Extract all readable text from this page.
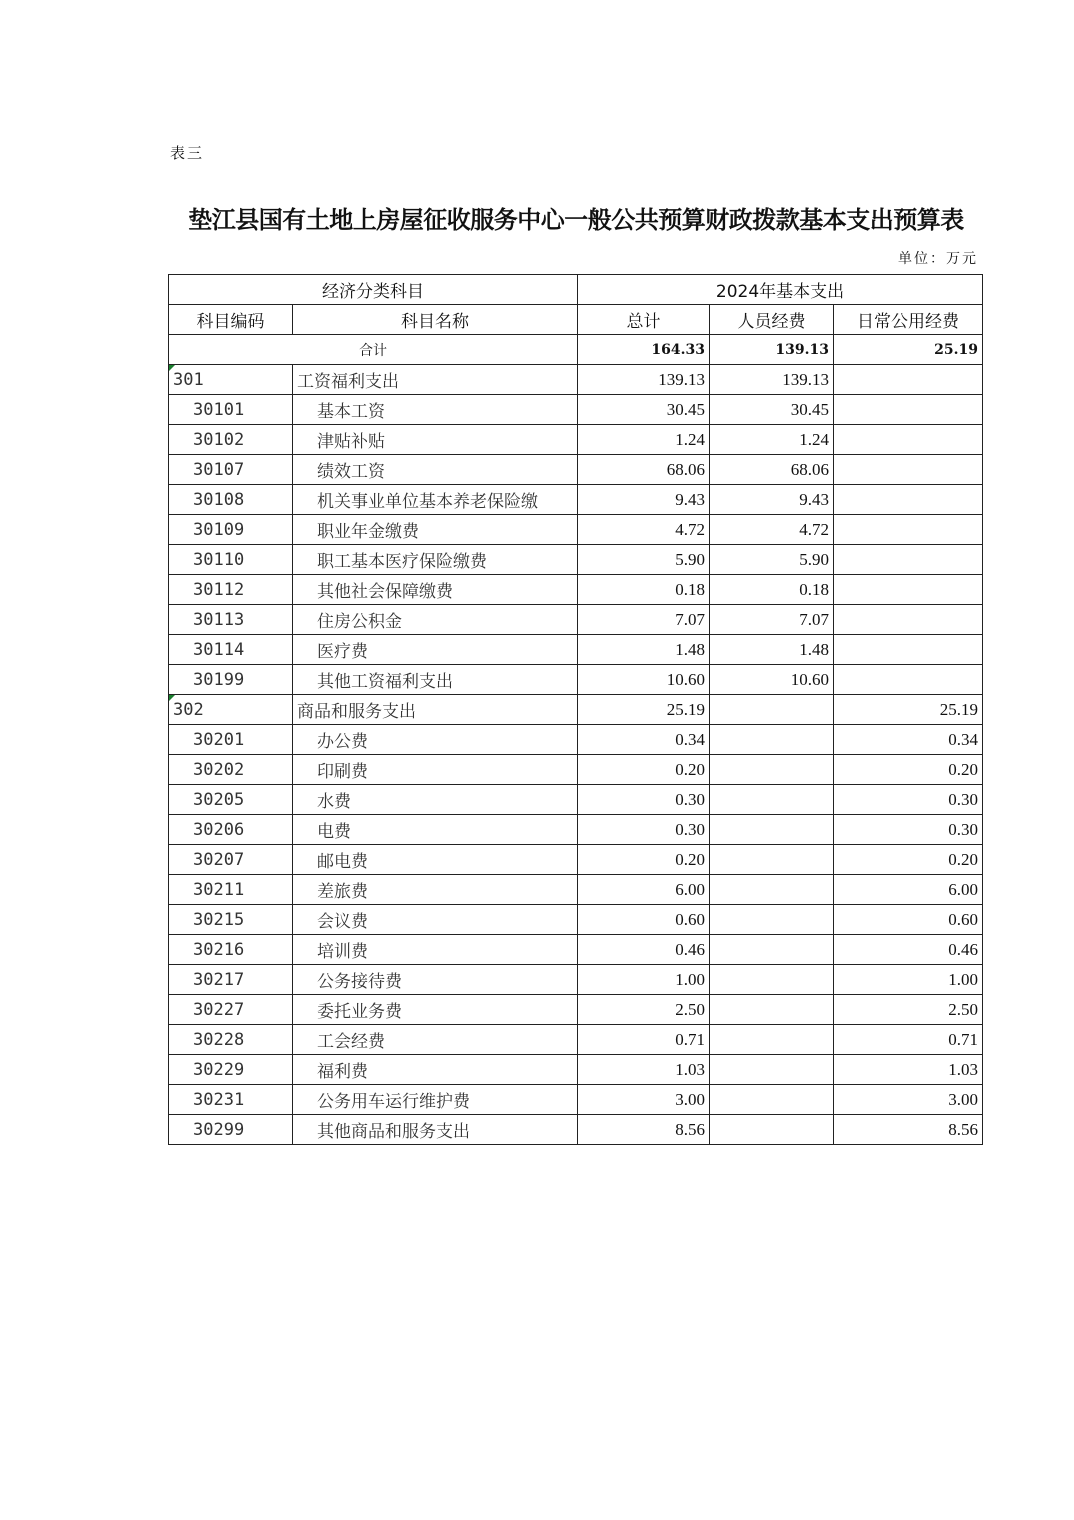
表三
垫江县国有土地上房屋征收服务中心一般公共预算财政拨款基本支出预算表
单位：万元
经济分类科目		2024年基本支出		
科目编码	科目名称	总计	人员经费	日常公用经费
合计		164.33	139.13	25.19
301	工资福利支出	139.13	139.13	
30101	基本工资	30.45	30.45	
30102	津贴补贴	1.24	1.24	
30107	绩效工资	68.06	68.06	
30108	机关事业单位基本养老保险缴	9.43	9.43	
30109	职业年金缴费	4.72	4.72	
30110	职工基本医疗保险缴费	5.90	5.90	
30112	其他社会保障缴费	0.18	0.18	
30113	住房公积金	7.07	7.07	
30114	医疗费	1.48	1.48	
30199	其他工资福利支出	10.60	10.60	
302	商品和服务支出	25.19		25.19
30201	办公费	0.34		0.34
30202	印刷费	0.20		0.20
30205	水费	0.30		0.30
30206	电费	0.30		0.30
30207	邮电费	0.20		0.20
30211	差旅费	6.00		6.00
30215	会议费	0.60		0.60
30216	培训费	0.46		0.46
30217	公务接待费	1.00		1.00
30227	委托业务费	2.50		2.50
30228	工会经费	0.71		0.71
30229	福利费	1.03		1.03
30231	公务用车运行维护费	3.00		3.00
30299	其他商品和服务支出	8.56		8.56
